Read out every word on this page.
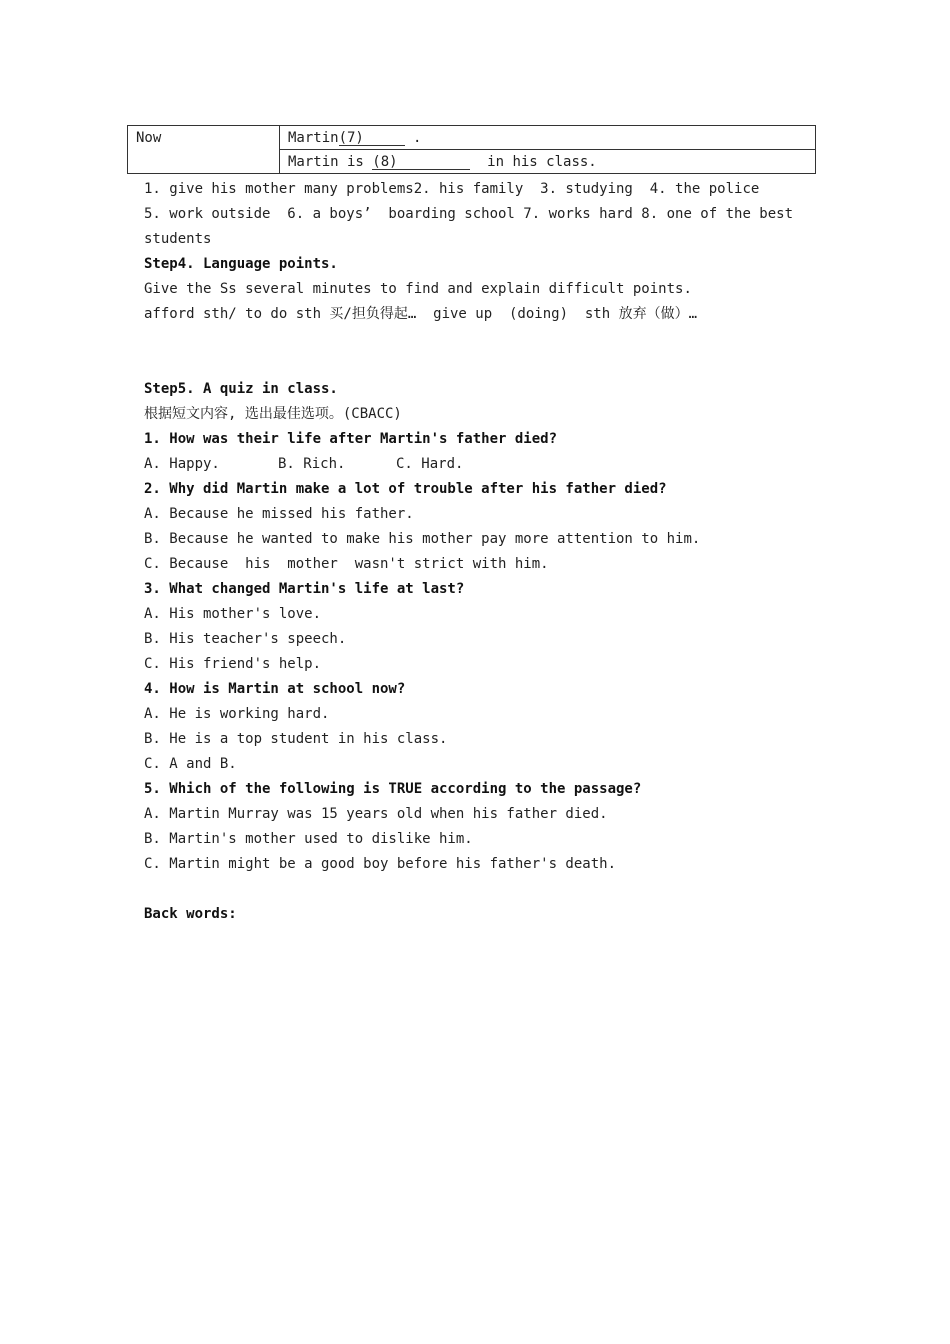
Now	Martin(7)	.
Martin is (8)	in his class.
1. give his mother many problems2. his family  3. studying  4. the police
5. work outside  6. a boys’  boarding school 7. works hard 8. one of the best
students
Step4. Language points.
Give the Ss several minutes to find and explain difficult points.
afford sth/ to do sth 买/担负得起…  give up  (doing)  sth 放弃（做）…
Step5. A quiz in class.
根据短文内容, 选出最佳选项。(CBACC)
1. How was their life after Martin's father died?
A. Happy.	B. Rich.	C. Hard.
2. Why did Martin make a lot of trouble after his father died?
A. Because he missed his father.
B. Because he wanted to make his mother pay more attention to him.
C. Because  his  mother  wasn't strict with him.
3. What changed Martin's life at last?
A. His mother's love.
B. His teacher's speech.
C. His friend's help.
4. How is Martin at school now?
A. He is working hard.
B. He is a top student in his class.
C. A and B.
5. Which of the following is TRUE according to the passage?
A. Martin Murray was 15 years old when his father died.
B. Martin's mother used to dislike him.
C. Martin might be a good boy before his father's death.
Back words:
